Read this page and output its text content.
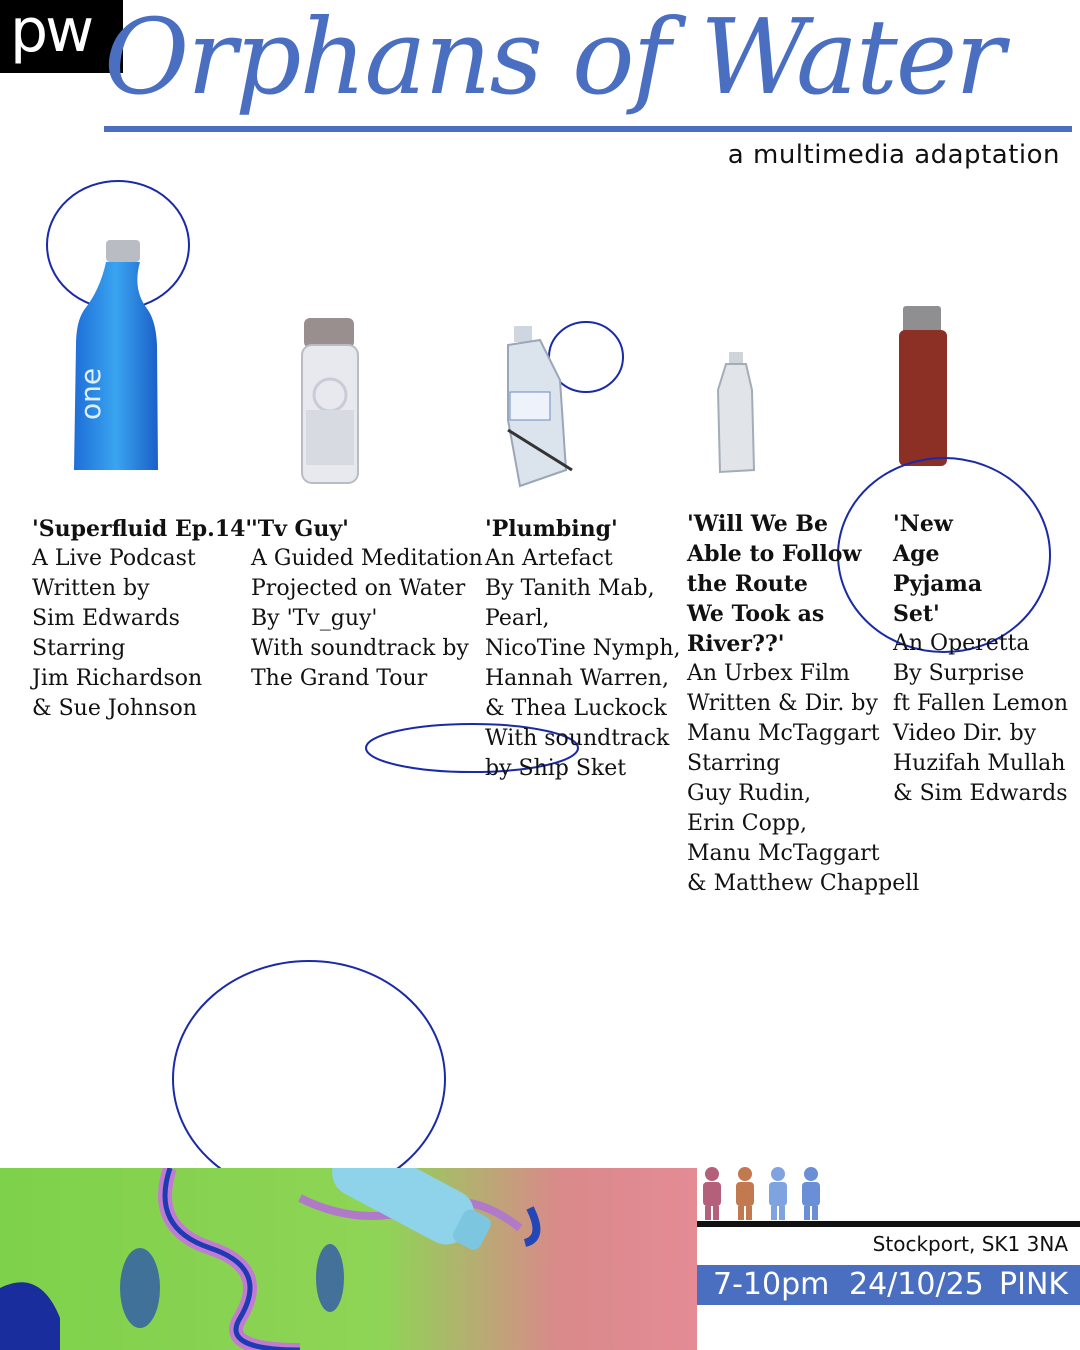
pw Orphans of Water
a multimedia adaptation
one
'Superfluid Ep.14'
A Live Podcast
Written by
Sim Edwards
Starring
Jim Richardson
& Sue Johnson
'Tv Guy'
A Guided Meditation
Projected on Water
By 'Tv_guy'
With soundtrack by
The Grand Tour
'Plumbing'
An Artefact
By Tanith Mab,
Pearl,
NicoTine Nymph,
Hannah Warren,
& Thea Luckock
With soundtrack
by Ship Sket
'Will We Be
Able to Follow
the Route
We Took as
River??'
An Urbex Film
Written & Dir. by
Manu McTaggart
Starring
Guy Rudin,
Erin Copp,
Manu McTaggart
& Matthew Chappell
'New
Age
Pyjama
Set'
An Operetta
By Surprise
ft Fallen Lemon
Video Dir. by
Huzifah Mullah
& Sim Edwards
Stockport, SK1 3NA
7-10pm 24/10/25 PINK
